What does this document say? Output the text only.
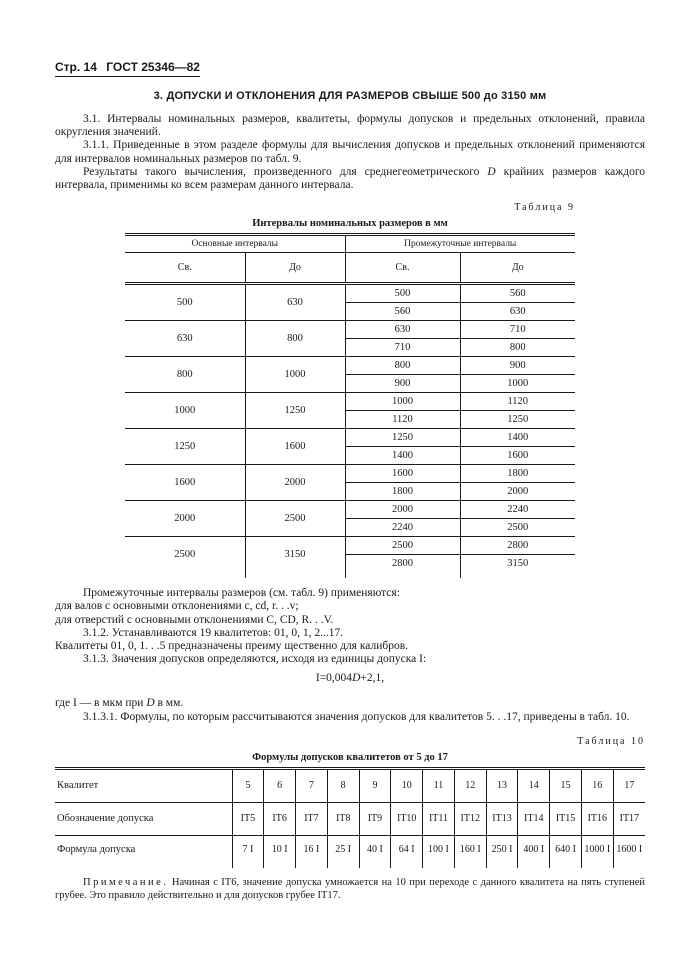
Стр. 14 ГОСТ 25346—82
3. ДОПУСКИ И ОТКЛОНЕНИЯ ДЛЯ РАЗМЕРОВ СВЫШЕ 500 до 3150 мм

3.1. Интервалы номинальных размеров, квалитеты, формулы допусков и предельных отклонений, правила округления значений.

3.1.1. Приведенные в этом разделе формулы для вычисления допусков и предельных отклонений применяются для интервалов номинальных размеров по табл. 9.

Результаты такого вычисления, произведенного для среднегеометрического D крайних размеров каждого интервала, применимы ко всем размерам данного интервала.

Таблица 9
Интервалы номинальных размеров в мм
Основные интервалы		Промежуточные интервалы	
Св.	До	Св.	До
500	630	500	560
		560	630
630	800	630	710
		710	800
800	1000	800	900
		900	1000
1000	1250	1000	1120
		1120	1250
1250	1600	1250	1400
		1400	1600
1600	2000	1600	1800
		1800	2000
2000	2500	2000	2240
		2240	2500
2500	3150	2500	2800
		2800	3150

Промежуточные интервалы размеров (см. табл. 9) применяются:

для валов с основными отклонениями c, cd, r. . .v;

для отверстий с основными отклонениями C, CD, R. . .V.

3.1.2. Устанавливаются 19 квалитетов: 01, 0, 1, 2...17.

Квалитеты 01, 0, 1. . .5 предназначены преиму щественно для калибров.

3.1.3. Значения допусков определяются, исходя из единицы допуска I:

I=0,004D+2,1,

где I — в мкм при D в мм.

3.1.3.1. Формулы, по которым рассчитываются значения допусков для квалитетов 5. . .17, приведены в табл. 10.

Таблица 10
Формулы допусков квалитетов от 5 до 17
Квалитет	5	6	7	8	9	10	11	12	13	14	15	16	17
Обозначение допуска	IT5	IT6	IT7	IT8	IT9	IT10	IT11	IT12	IT13	IT14	IT15	IT16	IT17
Формула допуска	7 I	10 I	16 I	25 I	40 I	64 I	100 I	160 I	250 I	400 I	640 I	1000 I	1600 I

Примечание. Начиная с IT6, значение допуска умножается на 10 при переходе с данного квалитета на пять ступеней грубее. Это правило действительно и для допусков грубее IT17.
